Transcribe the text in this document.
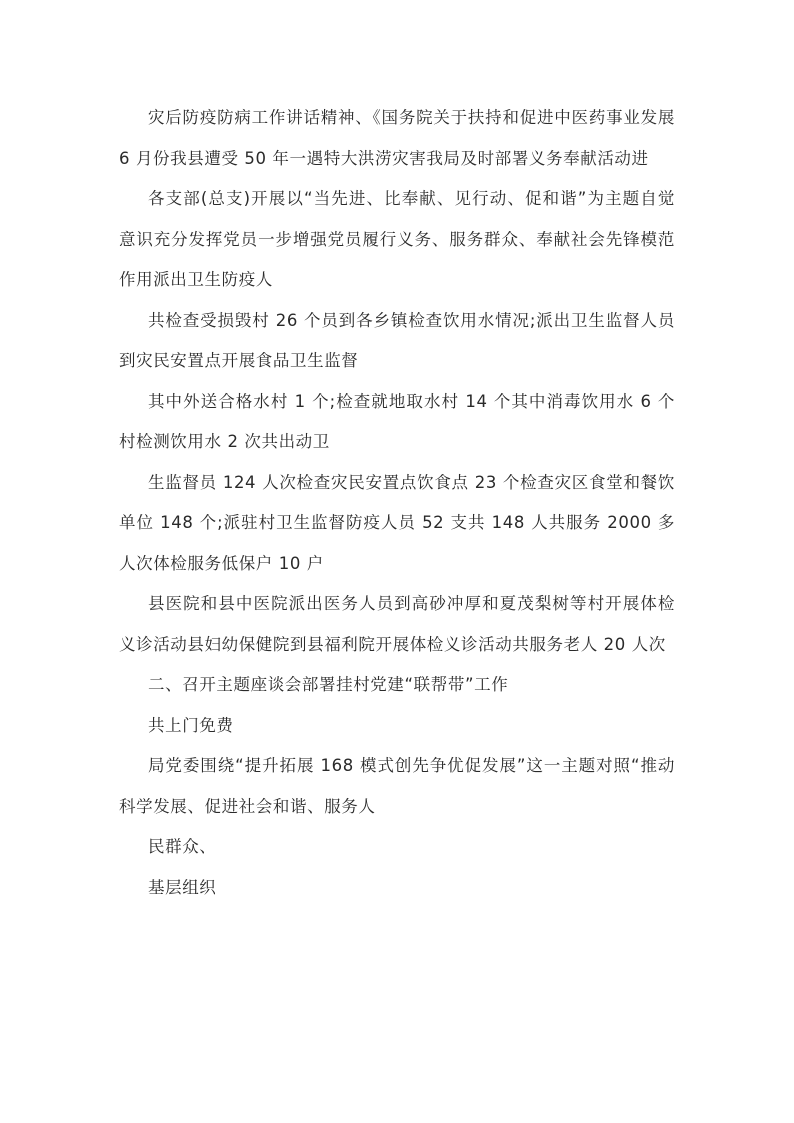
灾后防疫防病工作讲话精神、《国务院关于扶持和促进中医药事业发展 6 月份我县遭受 50 年一遇特大洪涝灾害我局及时部署义务奉献活动进

各支部(总支)开展以“当先进、比奉献、见行动、促和谐”为主题自觉意识充分发挥党员一步增强党员履行义务、服务群众、奉献社会先锋模范作用派出卫生防疫人

共检查受损毁村 26 个员到各乡镇检查饮用水情况;派出卫生监督人员到灾民安置点开展食品卫生监督

其中外送合格水村 1 个;检查就地取水村 14 个其中消毒饮用水 6 个村检测饮用水 2 次共出动卫

生监督员 124 人次检查灾民安置点饮食点 23 个检查灾区食堂和餐饮单位 148 个;派驻村卫生监督防疫人员 52 支共 148 人共服务 2000 多人次体检服务低保户 10 户

县医院和县中医院派出医务人员到高砂冲厚和夏茂梨树等村开展体检义诊活动县妇幼保健院到县福利院开展体检义诊活动共服务老人 20 人次

二、召开主题座谈会部署挂村党建“联帮带”工作

共上门免费

局党委围绕“提升拓展 168 模式创先争优促发展”这一主题对照“推动科学发展、促进社会和谐、服务人

民群众、

基层组织
